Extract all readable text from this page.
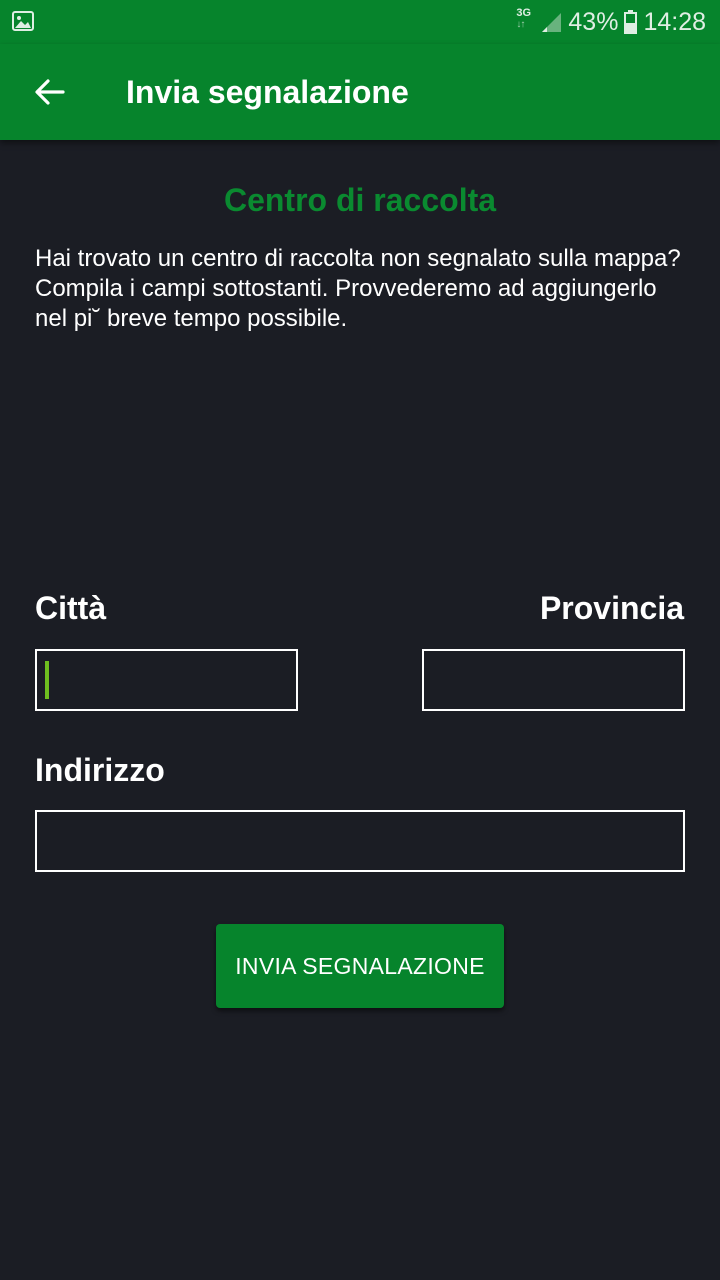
3G
↓↑	43% 14:28
Invia segnalazione
Centro di raccolta

Hai trovato un centro di raccolta non segnalato sulla mappa? Compila i campi sottostanti. Provvederemo ad aggiungerlo nel pi˘ breve tempo possibile.

Città	Provincia
Indirizzo
INVIA SEGNALAZIONE
